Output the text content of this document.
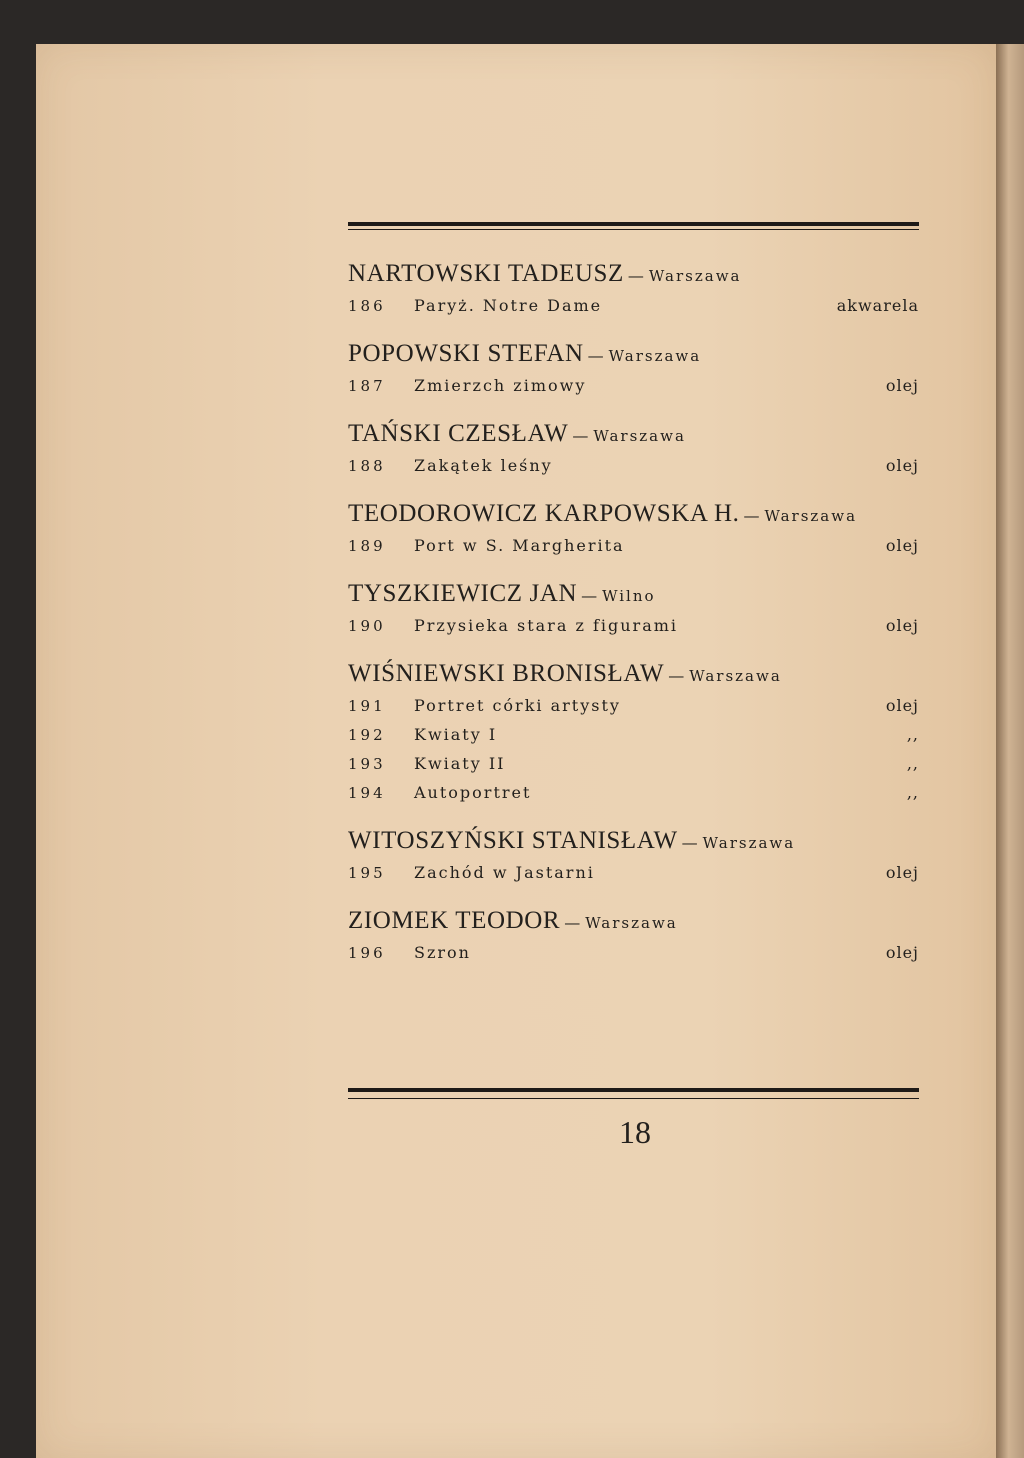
NARTOWSKI TADEUSZ — Warszawa
186	Paryż. Notre Dame	akwarela
POPOWSKI STEFAN — Warszawa
187	Zmierzch zimowy	olej
TAŃSKI CZESŁAW — Warszawa
188	Zakątek leśny	olej
TEODOROWICZ KARPOWSKA H. — Warszawa
189	Port w S. Margherita	olej
TYSZKIEWICZ JAN — Wilno
190	Przysieka stara z figurami	olej
WIŚNIEWSKI BRONISŁAW — Warszawa
191	Portret córki artysty	olej
192	Kwiaty I	,,
193	Kwiaty II	,,
194	Autoportret	,,
WITOSZYŃSKI STANISŁAW — Warszawa
195	Zachód w Jastarni	olej
ZIOMEK TEODOR — Warszawa
196	Szron	olej
18
